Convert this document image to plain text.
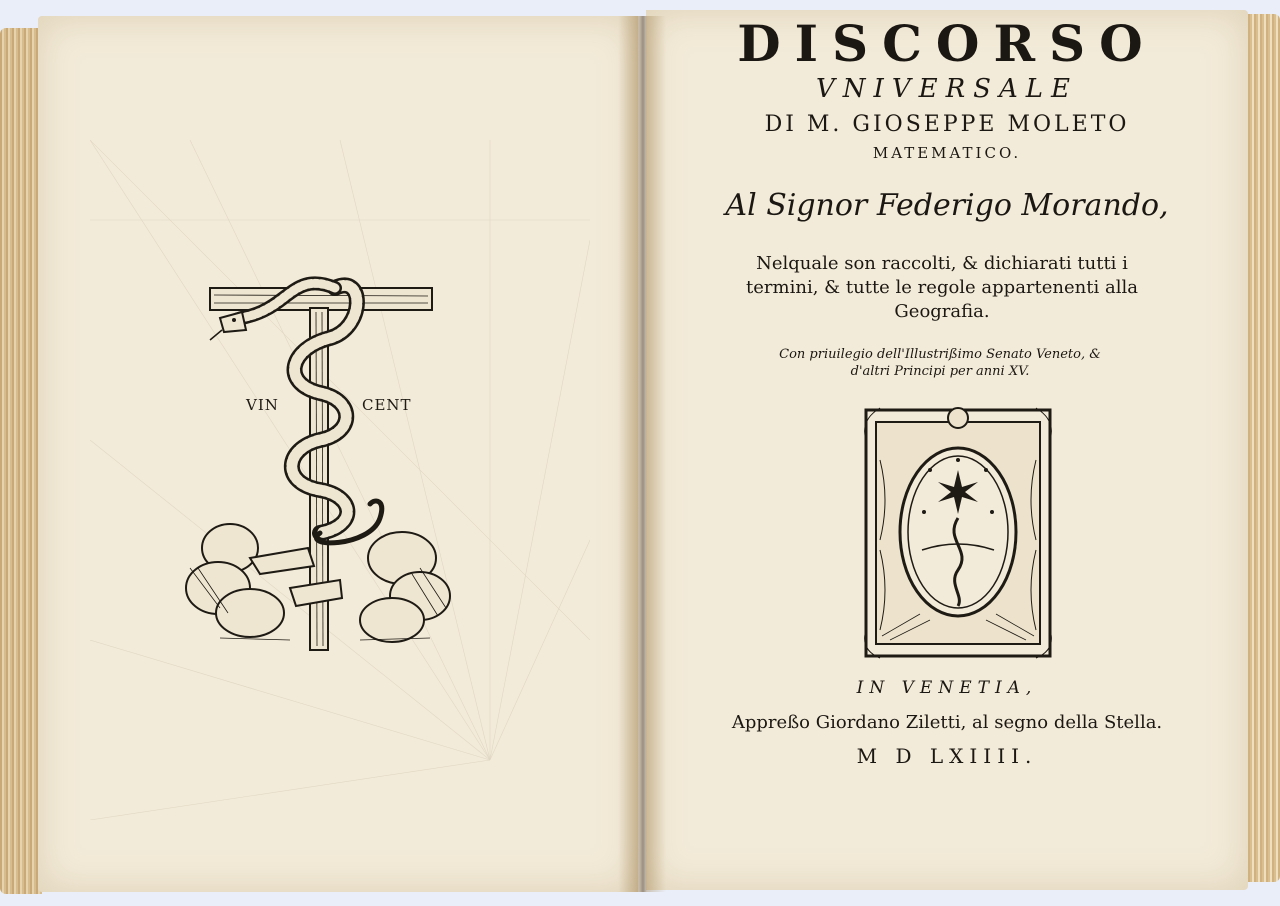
VIN	CENT
DISCORSO
VNIVERSALE
DI M. GIOSEPPE MOLETO
MATEMATICO.
Al Signor Federigo Morando,
Nelquale son raccolti, & dichiarati tutti i termini, & tutte le regole appartenenti alla Geografia.
Con priuilegio dell'Illustrißimo Senato Veneto, & d'altri Principi per anni XV.
IN VENETIA,
Appreßo Giordano Ziletti, al segno della Stella.
M D LXIIII.
